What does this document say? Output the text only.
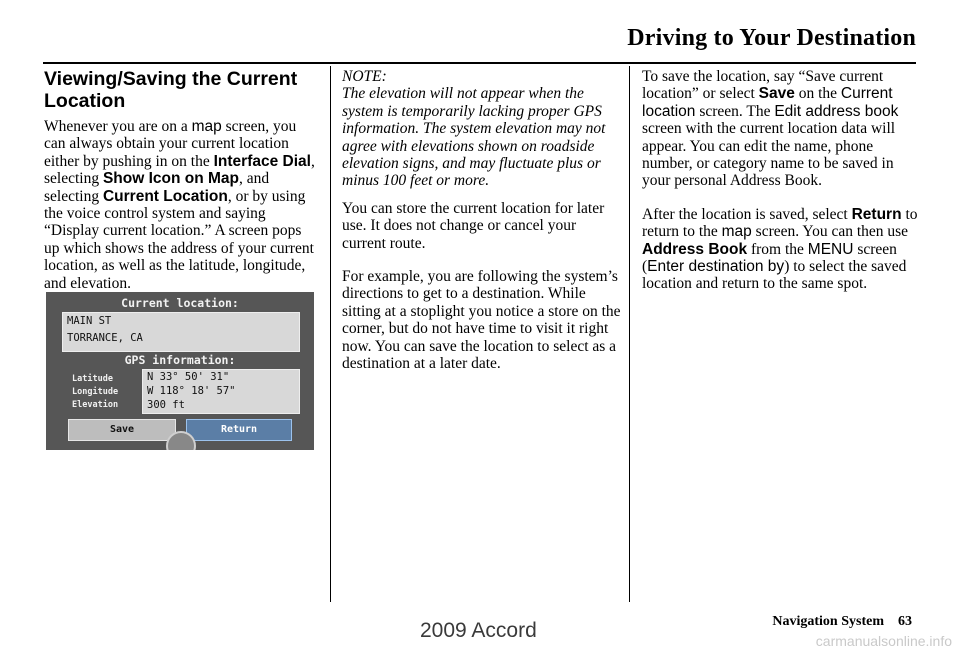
Driving to Your Destination
Viewing/Saving the Current Location

Whenever you are on a map screen, you can always obtain your current location either by pushing in on the Interface Dial, selecting Show Icon on Map, and selecting Current Location, or by using the voice control system and saying “Display current location.” A screen pops up which shows the address of your current location, as well as the latitude, longitude, and elevation.

Current location:
MAIN ST
TORRANCE, CA
GPS information:
Latitude
Longitude
Elevation
N 33° 50' 31"
W 118° 18' 57"
300 ft
Save	Return

NOTE:

The elevation will not appear when the system is temporarily lacking proper GPS information. The system elevation may not agree with elevations shown on roadside elevation signs, and may fluctuate plus or minus 100 feet or more.

You can store the current location for later use. It does not change or cancel your current route.

For example, you are following the system’s directions to get to a destination. While sitting at a stoplight you notice a store on the corner, but do not have time to visit it right now. You can save the location to select as a destination at a later date.

To save the location, say “Save current location” or select Save on the Current location screen. The Edit address book screen with the current location data will appear. You can edit the name, phone number, or category name to be saved in your personal Address Book.

After the location is saved, select Return to return to the map screen. You can then use Address Book from the MENU screen (Enter destination by) to select the saved location and return to the same spot.

Navigation System 63
2009 Accord	carmanualsonline.info
